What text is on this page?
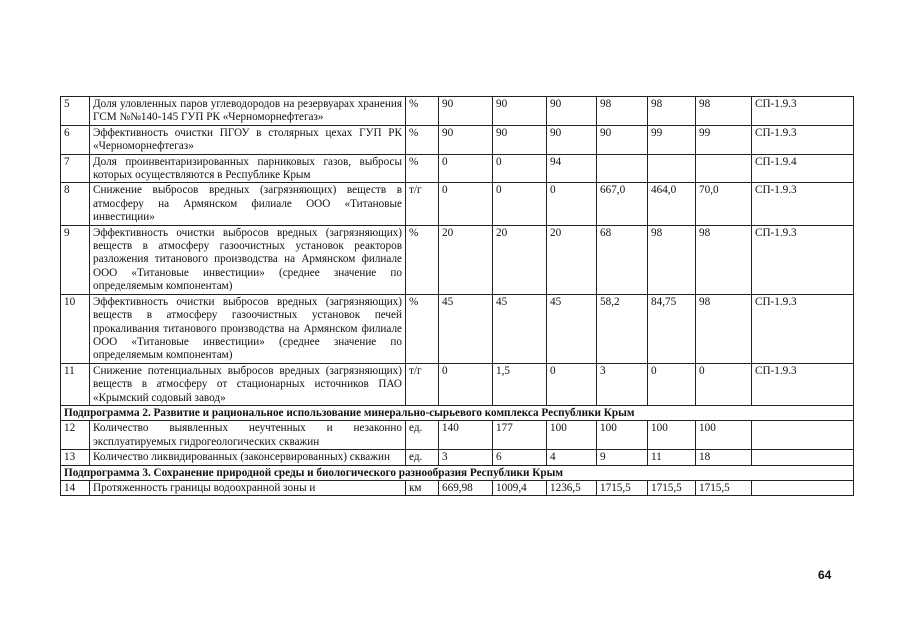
5	Доля уловленных паров углеводородов на резервуарах хранения ГСМ №№140-145 ГУП РК «Черноморнефтегаз»	%	90	90	90	98	98	98	СП-1.9.3
6	Эффективность очистки ПГОУ в столярных цехах ГУП РК «Черноморнефтегаз»	%	90	90	90	90	99	99	СП-1.9.3
7	Доля проинвентаризированных парниковых газов, выбросы которых осуществляются в Республике Крым	%	0	0	94				СП-1.9.4
8	Снижение выбросов вредных (загрязняющих) веществ в атмосферу на Армянском филиале ООО «Титановые инвестиции»	т/г	0	0	0	667,0	464,0	70,0	СП-1.9.3
9	Эффективность очистки выбросов вредных (загрязняющих) веществ в атмосферу газоочистных установок реакторов разложения титанового производства на Армянском филиале ООО «Титановые инвестиции» (среднее значение по определяемым компонентам)	%	20	20	20	68	98	98	СП-1.9.3
10	Эффективность очистки выбросов вредных (загрязняющих) веществ в атмосферу газоочистных установок печей прокаливания титанового производства на Армянском филиале ООО «Титановые инвестиции» (среднее значение по определяемым компонентам)	%	45	45	45	58,2	84,75	98	СП-1.9.3
11	Снижение потенциальных выбросов вредных (загрязняющих) веществ в атмосферу от стационарных источников ПАО «Крымский содовый завод»	т/г	0	1,5	0	3	0	0	СП-1.9.3
Подпрограмма 2. Развитие и рациональное использование минерально-сырьевого комплекса Республики Крым									
12	Количество выявленных неучтенных и незаконно эксплуатируемых гидрогеологических скважин	ед.	140	177	100	100	100	100	
13	Количество ликвидированных (законсервированных) скважин	ед.	3	6	4	9	11	18	
Подпрограмма 3. Сохранение природной среды и биологического разнообразия Республики Крым									
14	Протяженность границы водоохранной зоны и	км	669,98	1009,4	1236,5	1715,5	1715,5	1715,5	
64
